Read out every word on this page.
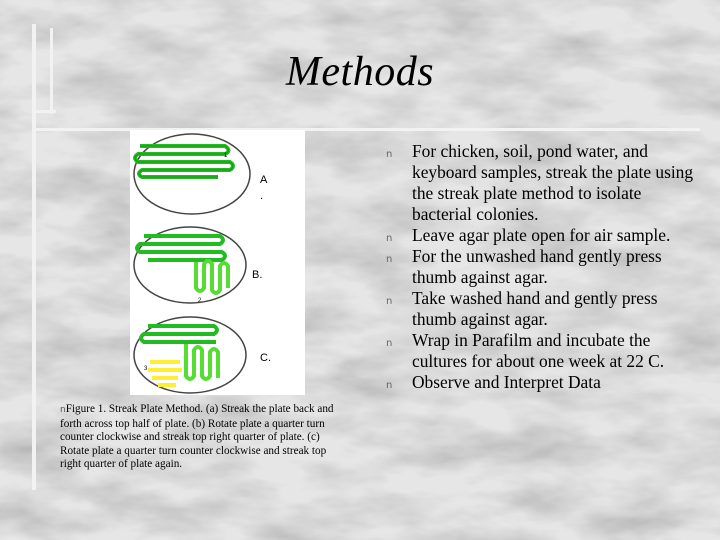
Methods
1
2
3
A
.
B.
C.
nFigure 1. Streak Plate Method. (a) Streak the plate back and forth across top half of plate. (b) Rotate plate a quarter turn counter clockwise and streak top right quarter of plate. (c) Rotate plate a quarter turn counter clockwise and streak top right quarter of plate again.
n For chicken, soil, pond water, and keyboard samples, streak the plate using the streak plate method to isolate bacterial colonies.
n Leave agar plate open for air sample.
n For the unwashed hand gently press thumb against agar.
n Take washed hand and gently press thumb against agar.
n Wrap in Parafilm and incubate the cultures for about one week at 22 C.
n Observe and Interpret Data
